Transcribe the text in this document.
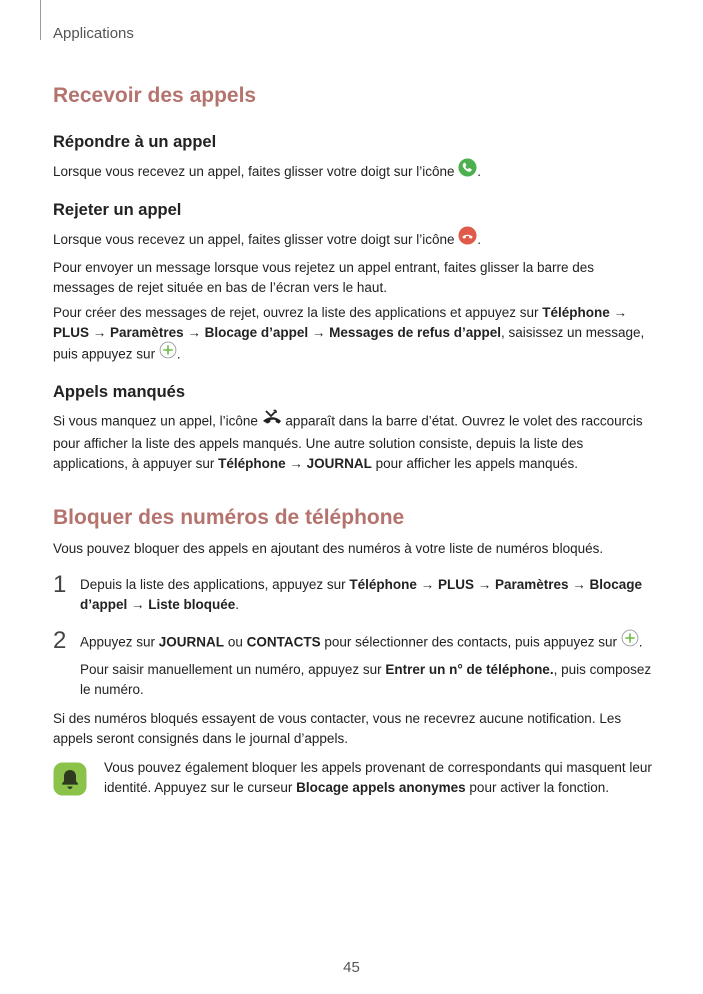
Applications
Recevoir des appels
Répondre à un appel

Lorsque vous recevez un appel, faites glisser votre doigt sur l’icône .

Rejeter un appel

Lorsque vous recevez un appel, faites glisser votre doigt sur l’icône .

Pour envoyer un message lorsque vous rejetez un appel entrant, faites glisser la barre des messages de rejet située en bas de l’écran vers le haut.

Pour créer des messages de rejet, ouvrez la liste des applications et appuyez sur Téléphone → PLUS → Paramètres → Blocage d’appel → Messages de refus d’appel, saisissez un message, puis appuyez sur .

Appels manqués

Si vous manquez un appel, l’icône apparaît dans la barre d’état. Ouvrez le volet des raccourcis pour afficher la liste des appels manqués. Une autre solution consiste, depuis la liste des applications, à appuyer sur Téléphone → JOURNAL pour afficher les appels manqués.

Bloquer des numéros de téléphone

Vous pouvez bloquer des appels en ajoutant des numéros à votre liste de numéros bloqués.

1 Depuis la liste des applications, appuyez sur Téléphone → PLUS → Paramètres → Blocage d’appel → Liste bloquée.

2 Appuyez sur JOURNAL ou CONTACTS pour sélectionner des contacts, puis appuyez sur .

Pour saisir manuellement un numéro, appuyez sur Entrer un n° de téléphone., puis composez le numéro.

Si des numéros bloqués essayent de vous contacter, vous ne recevrez aucune notification. Les appels seront consignés dans le journal d’appels.

Vous pouvez également bloquer les appels provenant de correspondants qui masquent leur identité. Appuyez sur le curseur Blocage appels anonymes pour activer la fonction.

45
